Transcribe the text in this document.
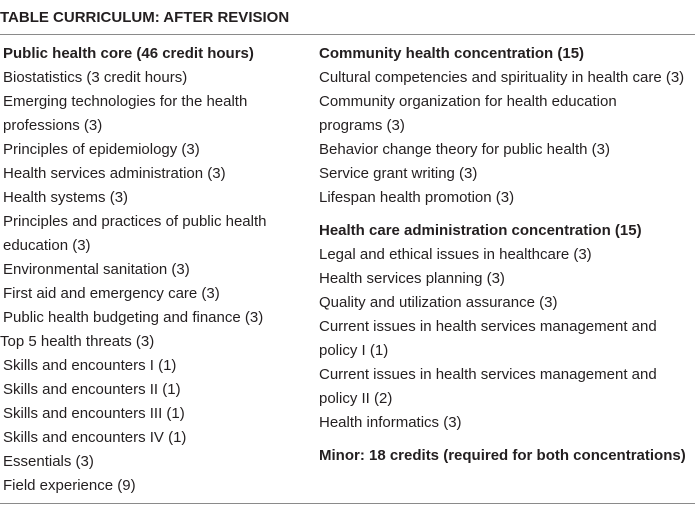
TABLE CURRICULUM: AFTER REVISION
Public health core (46 credit hours)
Biostatistics (3 credit hours)
Emerging technologies for the health
professions (3)
Principles of epidemiology (3)
Health services administration (3)
Health systems (3)
Principles and practices of public health
education (3)
Environmental sanitation (3)
First aid and emergency care (3)
Public health budgeting and finance (3)
Top 5 health threats (3)
Skills and encounters I (1)
Skills and encounters II (1)
Skills and encounters III (1)
Skills and encounters IV (1)
Essentials (3)
Field experience (9)
Community health concentration (15)
Cultural competencies and spirituality in health care (3)
Community organization for health education
programs (3)
Behavior change theory for public health (3)
Service grant writing (3)
Lifespan health promotion (3)
Health care administration concentration (15)
Legal and ethical issues in healthcare (3)
Health services planning (3)
Quality and utilization assurance (3)
Current issues in health services management and
policy I (1)
Current issues in health services management and
policy II (2)
Health informatics (3)
Minor: 18 credits (required for both concentrations)
